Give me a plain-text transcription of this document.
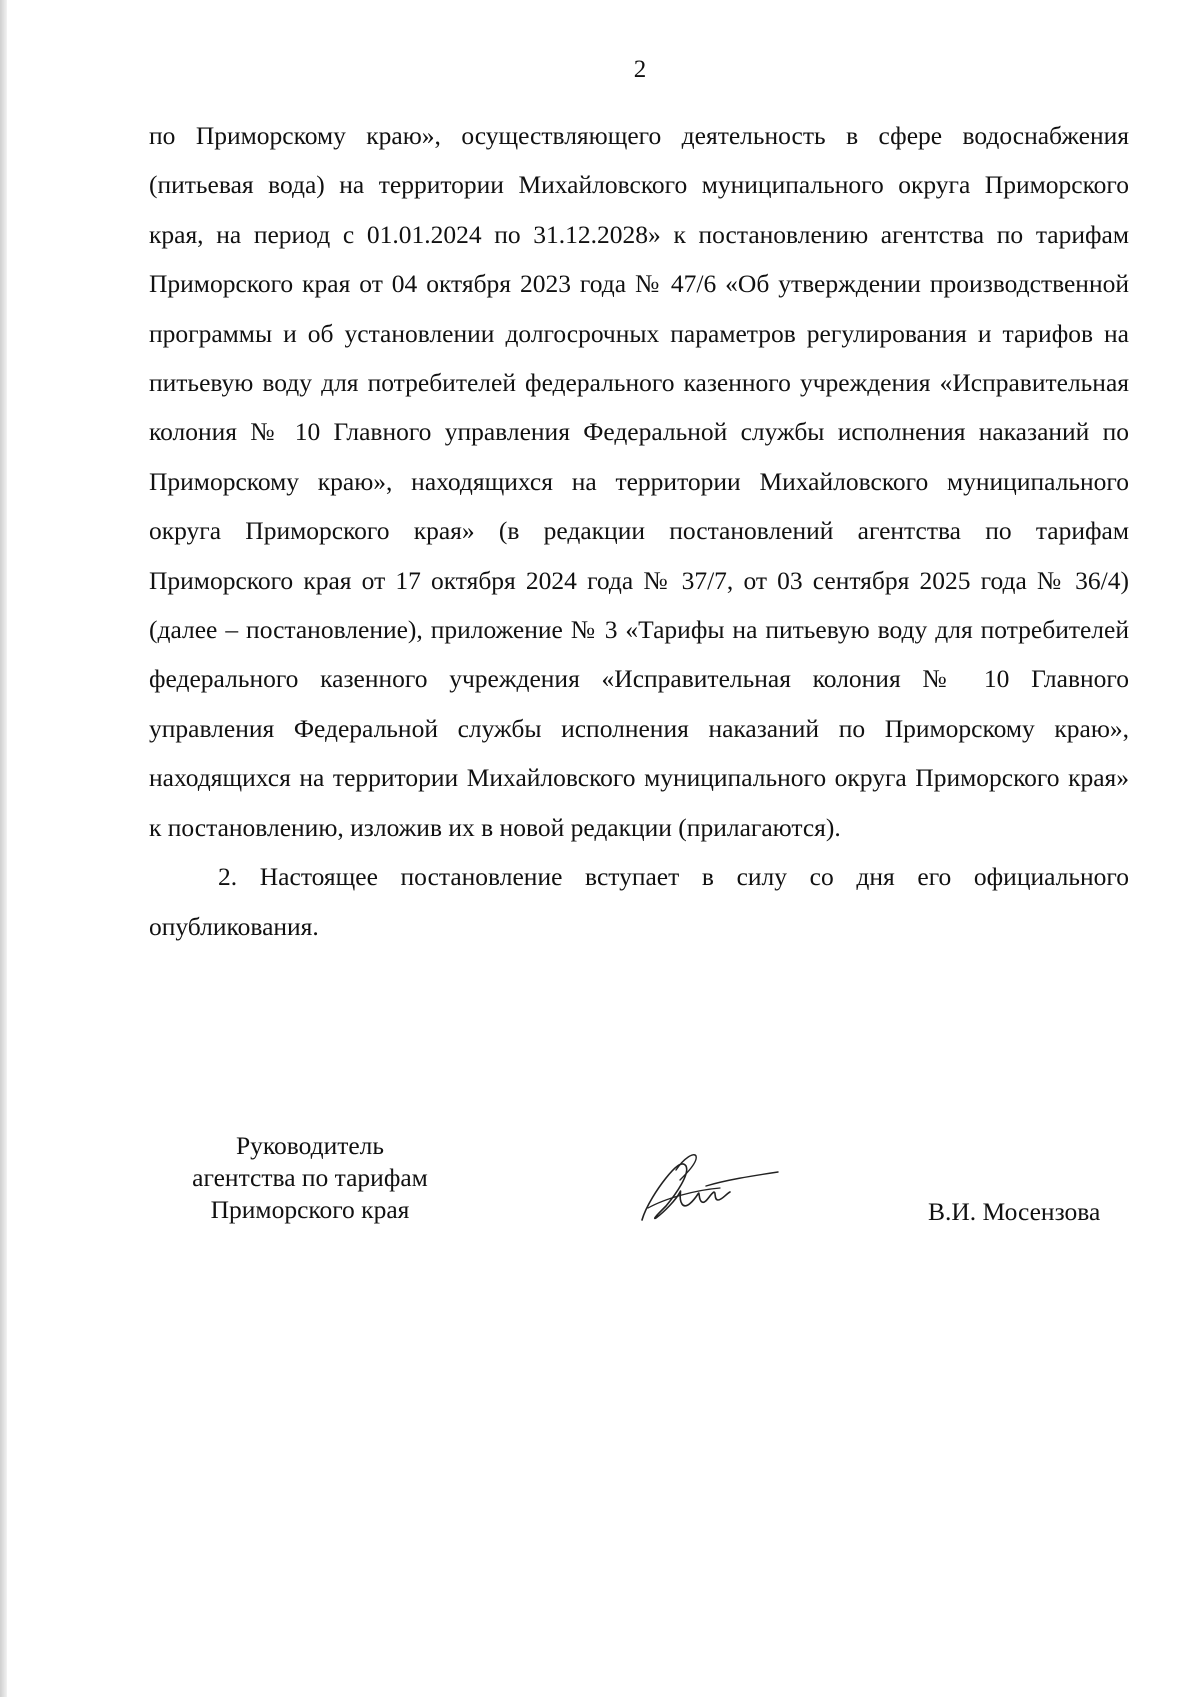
2

по Приморскому краю», осуществляющего деятельность в сфере водоснабжения (питьевая вода) на территории Михайловского муниципального округа Приморского края, на период с 01.01.2024 по 31.12.2028» к постановлению агентства по тарифам Приморского края от 04 октября 2023 года № 47/6 «Об утверждении производственной программы и об установлении долгосрочных параметров регулирования и тарифов на питьевую воду для потребителей федерального казенного учреждения «Исправительная колония № 10 Главного управления Федеральной службы исполнения наказаний по Приморскому краю», находящихся на территории Михайловского муниципального округа Приморского края» (в редакции постановлений агентства по тарифам Приморского края от 17 октября 2024 года № 37/7, от 03 сентября 2025 года № 36/4) (далее – постановление), приложение № 3 «Тарифы на питьевую воду для потребителей федерального казенного учреждения «Исправительная колония № 10 Главного управления Федеральной службы исполнения наказаний по Приморскому краю», находящихся на территории Михайловского муниципального округа Приморского края» к постановлению, изложив их в новой редакции (прилагаются).

2. Настоящее постановление вступает в силу со дня его официального опубликования.

Руководитель
агентства по тарифам
Приморского края	В.И. Мосензова
